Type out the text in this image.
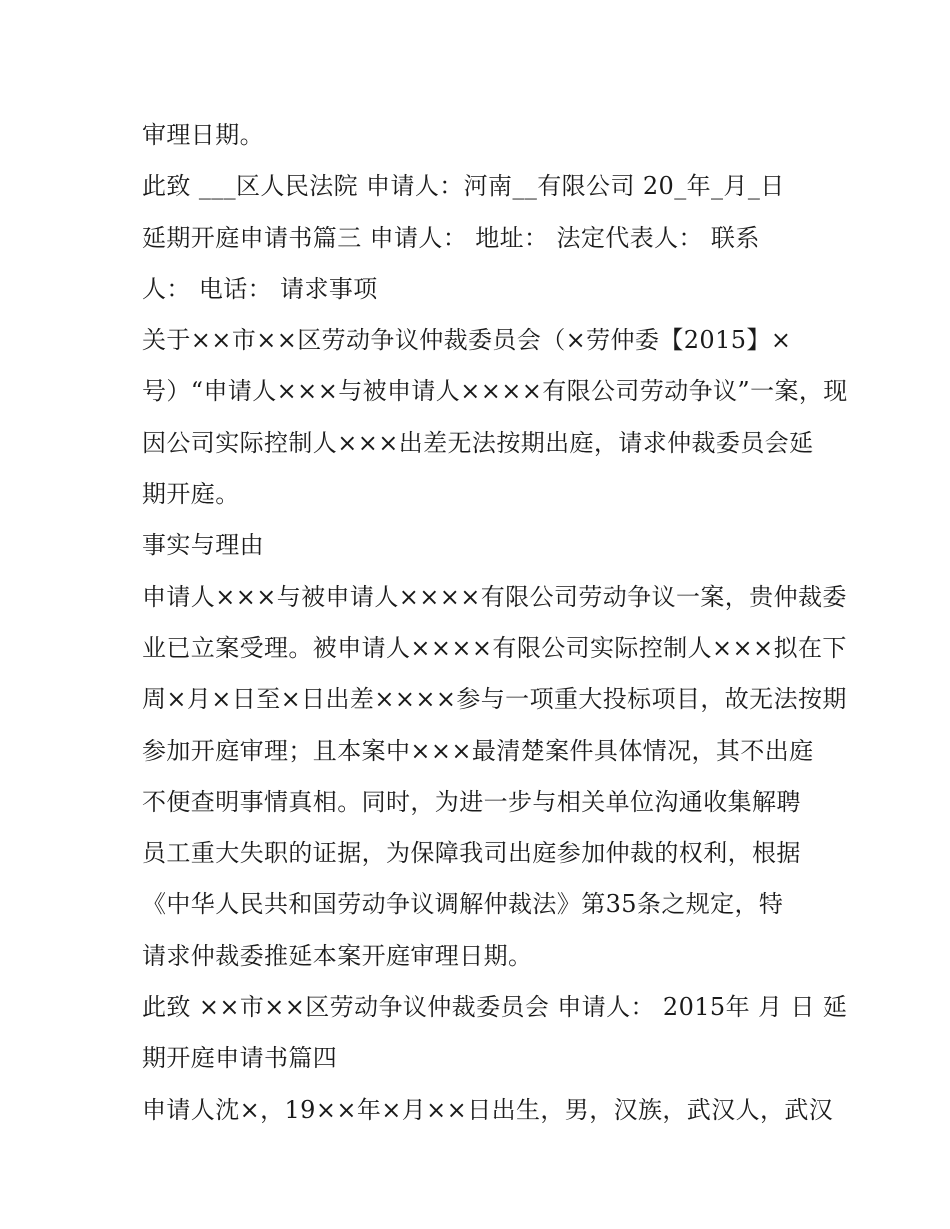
审理日期。
此致 ___区人民法院 申请人：河南__有限公司 20_年_月_日
延期开庭申请书篇三 申请人： 地址： 法定代表人： 联系
人： 电话： 请求事项
关于××市××区劳动争议仲裁委员会（×劳仲委【2015】×
号）“申请人×××与被申请人××××有限公司劳动争议”一案，现
因公司实际控制人×××出差无法按期出庭，请求仲裁委员会延
期开庭。
事实与理由
申请人×××与被申请人××××有限公司劳动争议一案，贵仲裁委
业已立案受理。被申请人××××有限公司实际控制人×××拟在下
周×月×日至×日出差××××参与一项重大投标项目，故无法按期
参加开庭审理；且本案中×××最清楚案件具体情况，其不出庭
不便查明事情真相。同时，为进一步与相关单位沟通收集解聘
员工重大失职的证据，为保障我司出庭参加仲裁的权利，根据
《中华人民共和国劳动争议调解仲裁法》第35条之规定，特
请求仲裁委推延本案开庭审理日期。
此致 ××市××区劳动争议仲裁委员会 申请人： 2015年 月 日 延
期开庭申请书篇四
申请人沈×，19××年×月××日出生，男，汉族，武汉人，武汉
